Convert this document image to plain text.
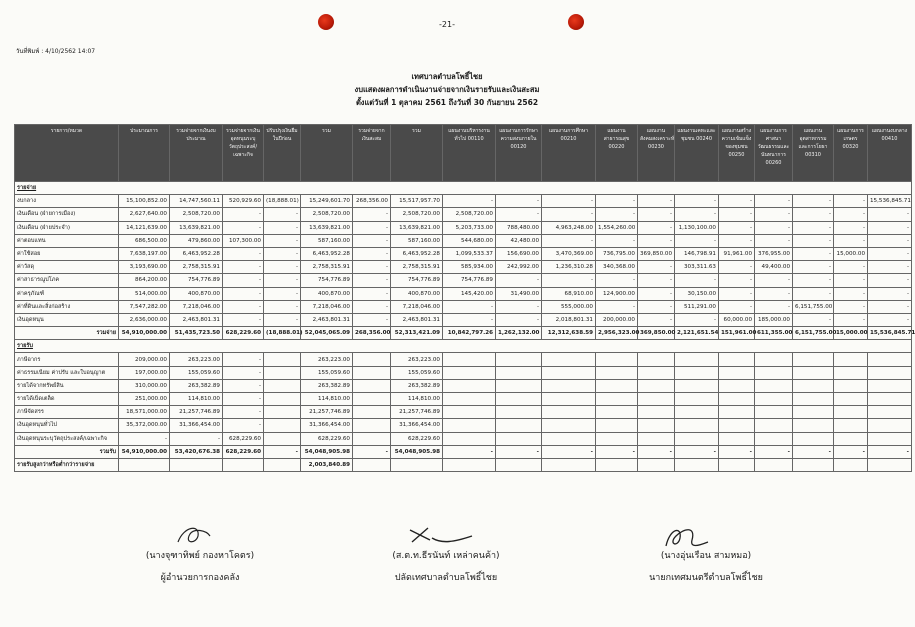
-21-
วันที่พิมพ์ : 4/10/2562 14:07
เทศบาลตำบลโพธิ์ไชย
งบแสดงผลการดำเนินงานจ่ายจากเงินรายรับและเงินสะสม
ตั้งแต่วันที่ 1 ตุลาคม 2561 ถึงวันที่ 30 กันยายน 2562
รายการ/หมวด	ประมาณการ	รวมจ่ายจากเงินงบประมาณ	รวมจ่ายจากเงินอุดหนุนระบุวัตถุประสงค์/เฉพาะกิจ	ปรับปรุงเงินยืมในปีก่อน	รวม	รวมจ่ายจากเงินสะสม	รวม	แผนงานบริหารงานทั่วไป 00110	แผนงานการรักษาความสงบภายใน 00120	แผนงานการศึกษา 00210	แผนงานสาธารณสุข 00220	แผนงานสังคมสงเคราะห์ 00230	แผนงานเคหะและชุมชน 00240	แผนงานสร้างความเข้มแข็งของชุมชน 00250	แผนงานการศาสนาวัฒนธรรมและนันทนาการ 00260	แผนงานอุตสาหกรรมและการโยธา 00310	แผนงานการเกษตร 00320	แผนงานงบกลาง 00410
รายจ่าย																		
งบกลาง	15,100,852.00	14,747,560.11	520,929.60	(18,888.01)	15,249,601.70	268,356.00	15,517,957.70	-	-	-	-	-	-	-	-	-	-	15,536,845.71
เงินเดือน (ฝ่ายการเมือง)	2,627,640.00	2,508,720.00	-	-	2,508,720.00	-	2,508,720.00	2,508,720.00	-	-	-	-	-	-	-	-	-	-
เงินเดือน (ฝ่ายประจำ)	14,121,639.00	13,639,821.00	-	-	13,639,821.00	-	13,639,821.00	5,203,733.00	788,480.00	4,963,248.00	1,554,260.00	-	1,130,100.00	-	-	-	-	-
ค่าตอบแทน	686,500.00	479,860.00	107,300.00	-	587,160.00	-	587,160.00	544,680.00	42,480.00	-	-	-	-	-	-	-	-	-
ค่าใช้สอย	7,638,197.00	6,463,952.28	-	-	6,463,952.28	-	6,463,952.28	1,099,533.37	156,690.00	3,470,369.00	736,795.00	369,850.00	146,798.91	91,961.00	376,955.00	-	15,000.00	-
ค่าวัสดุ	3,193,690.00	2,758,315.91	-	-	2,758,315.91	-	2,758,315.91	585,934.00	242,992.00	1,236,310.28	340,368.00	-	303,311.63	-	49,400.00	-	-	-
ค่าสาธารณูปโภค	864,200.00	754,776.89	-	-	754,776.89	-	754,776.89	754,776.89	-	-	-	-	-	-	-	-	-	-
ค่าครุภัณฑ์	514,000.00	400,870.00	-	-	400,870.00	-	400,870.00	145,420.00	31,490.00	68,910.00	124,900.00	-	30,150.00	-	-	-	-	-
ค่าที่ดินและสิ่งก่อสร้าง	7,547,282.00	7,218,046.00	-	-	7,218,046.00	-	7,218,046.00	-	-	555,000.00	-	-	511,291.00	-	-	6,151,755.00	-	-
เงินอุดหนุน	2,636,000.00	2,463,801.31	-	-	2,463,801.31	-	2,463,801.31	-	-	2,018,801.31	200,000.00	-	-	60,000.00	185,000.00	-	-	-
รวมจ่าย	54,910,000.00	51,435,723.50	628,229.60	(18,888.01)	52,045,065.09	268,356.00	52,313,421.09	10,842,797.26	1,262,132.00	12,312,638.59	2,956,323.00	369,850.00	2,121,651.54	151,961.00	611,355.00	6,151,755.00	15,000.00	15,536,845.71
รายรับ																		
ภาษีอากร	209,000.00	263,223.00	-		263,223.00		263,223.00											
ค่าธรรมเนียม ค่าปรับ และใบอนุญาต	197,000.00	155,059.60	-		155,059.60		155,059.60											
รายได้จากทรัพย์สิน	310,000.00	263,382.89	-		263,382.89		263,382.89											
รายได้เบ็ดเตล็ด	251,000.00	114,810.00	-		114,810.00		114,810.00											
ภาษีจัดสรร	18,571,000.00	21,257,746.89	-		21,257,746.89		21,257,746.89											
เงินอุดหนุนทั่วไป	35,372,000.00	31,366,454.00	-		31,366,454.00		31,366,454.00											
เงินอุดหนุนระบุวัตถุประสงค์/เฉพาะกิจ	-	-	628,229.60		628,229.60		628,229.60											
รวมรับ	54,910,000.00	53,420,676.38	628,229.60	-	54,048,905.98	-	54,048,905.98	-	-	-	-	-	-	-	-	-	-	-
รายรับสูงกว่าหรือต่ำกว่ารายจ่าย					2,003,840.89													
(นางจุฑาทิพย์ กองหาโคตร)
ผู้อำนวยการกองคลัง
(ส.ต.ท.ธีรนันท์ เหล่าคนค้า)
ปลัดเทศบาลตำบลโพธิ์ไชย
(นางอุ่นเรือน สามหมอ)
นายกเทศมนตรีตำบลโพธิ์ไชย
